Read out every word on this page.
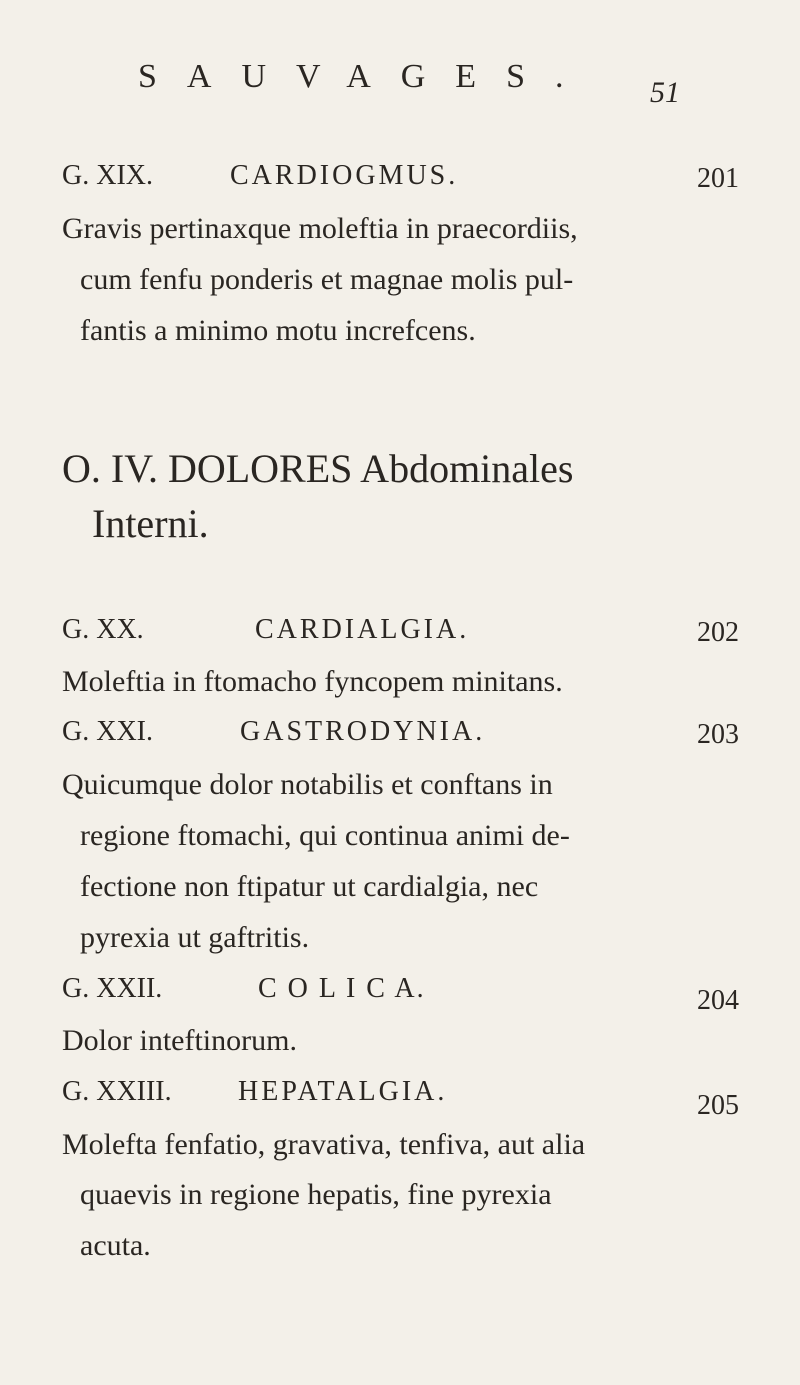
SAUVAGES. 51
G. XIX.	CARDIOGMUS.	201
Gravis pertinaxque moleftia in praecordiis,
cum fenfu ponderis et magnae molis pul-
fantis a minimo motu increfcens.
O. IV. DOLORES Abdominales
Interni.
G. XX.	CARDIALGIA.	202
Moleftia in ftomacho fyncopem minitans.
G. XXI.	GASTRODYNIA.	203
Quicumque dolor notabilis et conftans in
regione ftomachi, qui continua animi de-
fectione non ftipatur ut cardialgia, nec
pyrexia ut gaftritis.
G. XXII.	C O L I C A.	204
Dolor inteftinorum.
G. XXIII. HEPATALGIA.	205
Molefta fenfatio, gravativa, tenfiva, aut alia
quaevis in regione hepatis, fine pyrexia
acuta.
